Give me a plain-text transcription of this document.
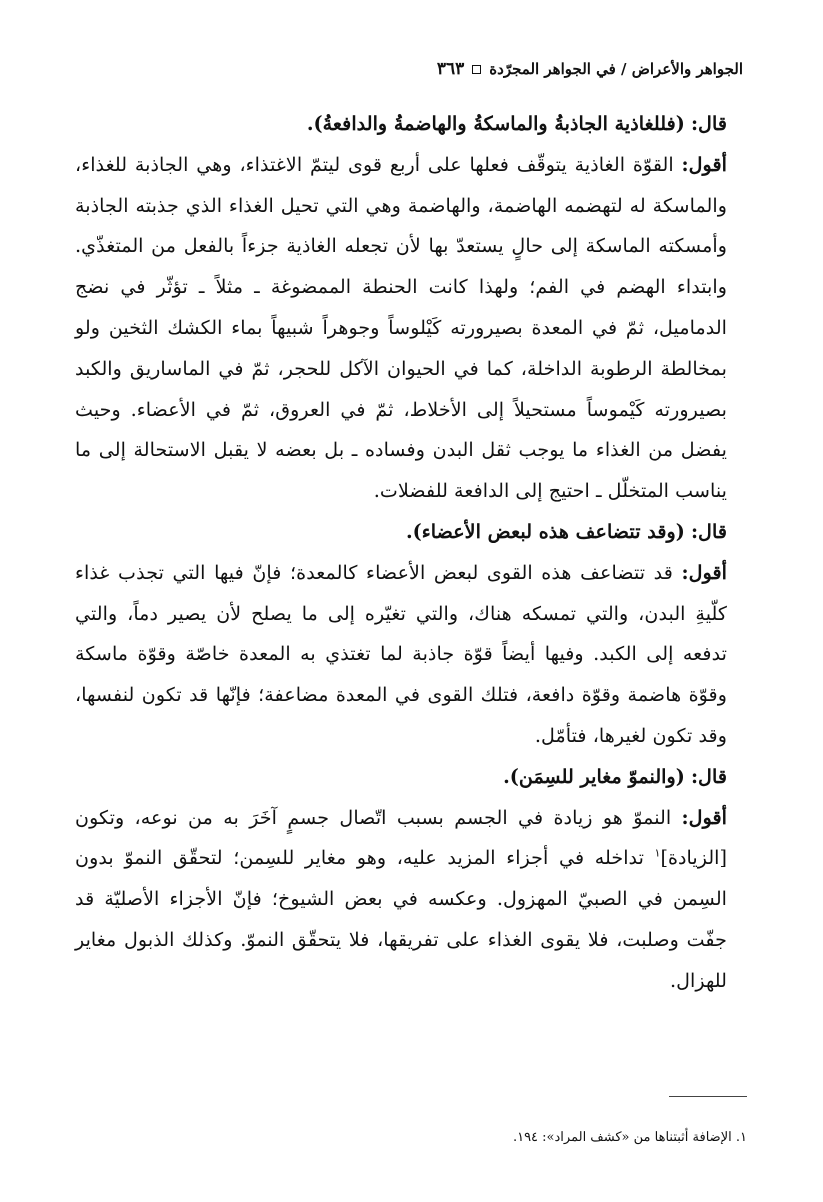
الجواهر والأعراض / في الجواهر المجرّدة
٣٦٣

قال: (فللغاذية الجاذبةُ والماسكةُ والهاضمةُ والدافعةُ).

أقول: القوّة الغاذية يتوقّف فعلها على أربع قوى ليتمّ الاغتذاء، وهي الجاذبة للغذاء، والماسكة له لتهضمه الهاضمة، والهاضمة وهي التي تحيل الغذاء الذي جذبته الجاذبة وأمسكته الماسكة إلى حالٍ يستعدّ بها لأن تجعله الغاذية جزءاً بالفعل من المتغذّي. وابتداء الهضم في الفم؛ ولهذا كانت الحنطة الممضوغة ـ مثلاً ـ تؤثّر في نضج الدماميل، ثمّ في المعدة بصيرورته كَيْلوساً وجوهراً شبيهاً بماء الكشك الثخين ولو بمخالطة الرطوبة الداخلة، كما في الحيوان الآكل للحجر، ثمّ في الماساريق والكبد بصيرورته كَيْموساً مستحيلاً إلى الأخلاط، ثمّ في العروق، ثمّ في الأعضاء. وحيث يفضل من الغذاء ما يوجب ثقل البدن وفساده ـ بل بعضه لا يقبل الاستحالة إلى ما يناسب المتخلّل ـ احتيج إلى الدافعة للفضلات.

قال: (وقد تتضاعف هذه لبعض الأعضاء).

أقول: قد تتضاعف هذه القوى لبعض الأعضاء كالمعدة؛ فإنّ فيها التي تجذب غذاء كلّيةِ البدن، والتي تمسكه هناك، والتي تغيّره إلى ما يصلح لأن يصير دماً، والتي تدفعه إلى الكبد. وفيها أيضاً قوّة جاذبة لما تغتذي به المعدة خاصّة وقوّة ماسكة وقوّة هاضمة وقوّة دافعة، فتلك القوى في المعدة مضاعفة؛ فإنّها قد تكون لنفسها، وقد تكون لغيرها، فتأمّل.

قال: (والنموّ مغاير للسِمَن).

أقول: النموّ هو زيادة في الجسم بسبب اتّصال جسمٍ آخَرَ به من نوعه، وتكون [الزيادة]$^١$ تداخله في أجزاء المزيد عليه، وهو مغاير للسِمن؛ لتحقّق النموّ بدون السِمن في الصبيّ المهزول. وعكسه في بعض الشيوخ؛ فإنّ الأجزاء الأصليّة قد جفّت وصلبت، فلا يقوى الغذاء على تفريقها، فلا يتحقّق النموّ. وكذلك الذبول مغاير للهزال.

١. الإضافة أثبتناها من «كشف المراد»: ١٩٤.
